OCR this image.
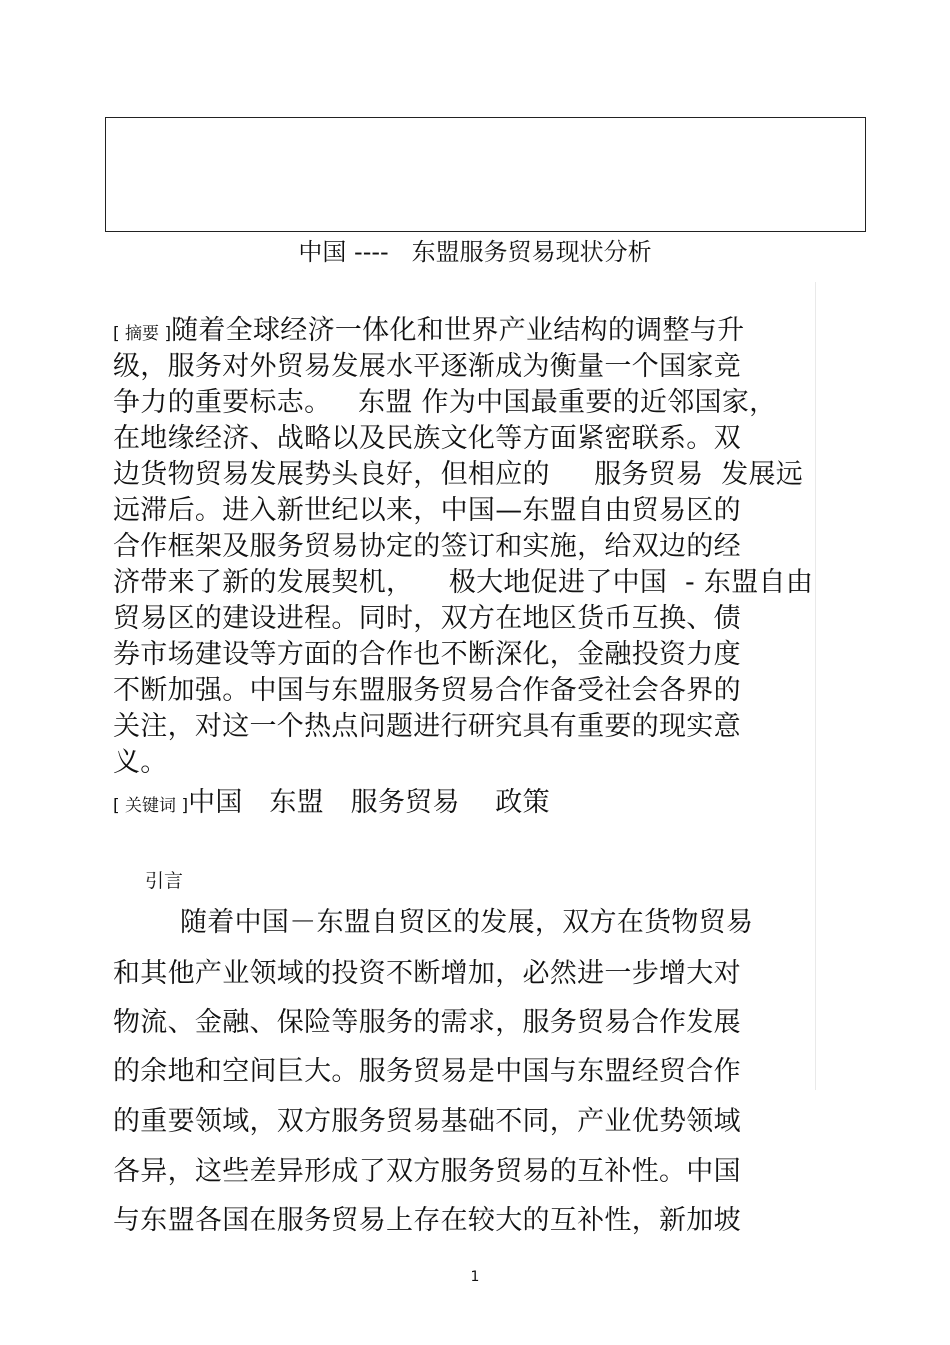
中国 ----   东盟服务贸易现状分析
[ 摘要 ]随着全球经济一体化和世界产业结构的调整与升
级，服务对外贸易发展水平逐渐成为衡量一个国家竞
争力的重要标志。   东盟 作为中国最重要的近邻国家，
在地缘经济、战略以及民族文化等方面紧密联系。双
边货物贸易发展势头良好，但相应的     服务贸易  发展远
远滞后。进入新世纪以来，中国—东盟自由贸易区的
合作框架及服务贸易协定的签订和实施，给双边的经
济带来了新的发展契机，    极大地促进了中国  - 东盟自由
贸易区的建设进程。同时，双方在地区货币互换、债
券市场建设等方面的合作也不断深化，金融投资力度
不断加强。中国与东盟服务贸易合作备受社会各界的
关注，对这一个热点问题进行研究具有重要的现实意
义。
[ 关键词 ]中国   东盟   服务贸易    政策
引言
随着中国－东盟自贸区的发展，双方在货物贸易
和其他产业领域的投资不断增加，必然进一步增大对
物流、金融、保险等服务的需求，服务贸易合作发展
的余地和空间巨大。服务贸易是中国与东盟经贸合作
的重要领域，双方服务贸易基础不同，产业优势领域
各异，这些差异形成了双方服务贸易的互补性。中国
与东盟各国在服务贸易上存在较大的互补性，新加坡
1
